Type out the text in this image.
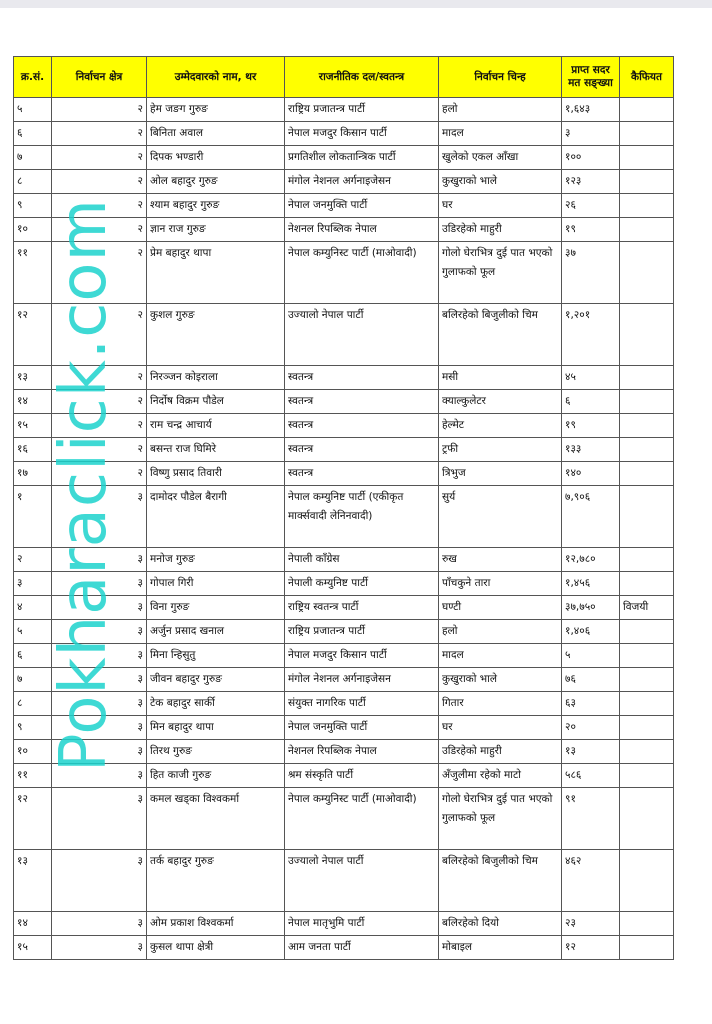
क्र.सं.	निर्वाचन क्षेत्र	उम्मेदवारको नाम, थर	राजनीतिक दल/स्वतन्त्र	निर्वाचन चिन्ह	प्राप्त सदर मत सङ्ख्या	कैफियत
५	२	हेम जङग गुरुङ	राष्ट्रिय प्रजातन्त्र पार्टी	हलो	१,६४३	
६	२	बिनिता अवाल	नेपाल मजदुर किसान पार्टी	मादल	३	
७	२	दिपक भण्डारी	प्रगतिशील लोकतान्त्रिक पार्टी	खुलेको एकल आँखा	१००	
८	२	ओल बहादुर गुरुङ	मंगोल नेशनल अर्गनाइजेसन	कुखुराको भाले	१२३	
९	२	श्याम बहादुर गुरुङ	नेपाल जनमुक्ति पार्टी	घर	२६	
१०	२	ज्ञान राज गुरुङ	नेशनल रिपब्लिक नेपाल	उडिरहेको माहुरी	१९	
११	२	प्रेम बहादुर थापा	नेपाल कम्युनिस्ट पार्टी (माओवादी)	गोलो घेराभित्र दुई पात भएको गुलाफको फूल	३७	
१२	२	कुशल गुरुङ	उज्यालो नेपाल पार्टी	बलिरहेको बिजुलीको चिम	१,२०१	
१३	२	निरञ्जन कोइराला	स्वतन्त्र	मसी	४५	
१४	२	निर्दोष विक्रम पौडेल	स्वतन्त्र	क्याल्कुलेटर	६	
१५	२	राम चन्द्र आचार्य	स्वतन्त्र	हेल्मेट	१९	
१६	२	बसन्त राज घिमिरे	स्वतन्त्र	ट्रफी	१३३	
१७	२	विष्णु प्रसाद तिवारी	स्वतन्त्र	त्रिभुज	१४०	
१	३	दामोदर पौडेल बैरागी	नेपाल कम्युनिष्ट पार्टी (एकीकृत मार्क्सवादी लेनिनवादी)	सुर्य	७,९०६	
२	३	मनोज गुरुङ	नेपाली काँग्रेस	रुख	१२,७८०	
३	३	गोपाल गिरी	नेपाली कम्युनिष्ट पार्टी	पाँचकुने तारा	१,४५६	
४	३	विना गुरुङ	राष्ट्रिय स्वतन्त्र पार्टी	घण्टी	३७,७५०	विजयी
५	३	अर्जुन प्रसाद खनाल	राष्ट्रिय प्रजातन्त्र पार्टी	हलो	१,४०६	
६	३	मिना न्हिसुतु	नेपाल मजदुर किसान पार्टी	मादल	५	
७	३	जीवन बहादुर गुरुङ	मंगोल नेशनल अर्गनाइजेसन	कुखुराको भाले	७६	
८	३	टेक बहादुर सार्की	संयुक्त नागरिक पार्टी	गितार	६३	
९	३	मिन बहादुर थापा	नेपाल जनमुक्ति पार्टी	घर	२०	
१०	३	तिरथ गुरुङ	नेशनल रिपब्लिक नेपाल	उडिरहेको माहुरी	१३	
११	३	हित काजी गुरुङ	श्रम संस्कृति पार्टी	अँजुलीमा रहेको माटो	५८६	
१२	३	कमल खड्का विश्वकर्मा	नेपाल कम्युनिस्ट पार्टी (माओवादी)	गोलो घेराभित्र दुई पात भएको गुलाफको फूल	९१	
१३	३	तर्क बहादुर गुरुङ	उज्यालो नेपाल पार्टी	बलिरहेको बिजुलीको चिम	४६२	
१४	३	ओम प्रकाश विश्वकर्मा	नेपाल मातृभुमि पार्टी	बलिरहेको दियो	२३	
१५	३	कुसल थापा क्षेत्री	आम जनता पार्टी	मोबाइल	१२	
Pokharaclick.com
